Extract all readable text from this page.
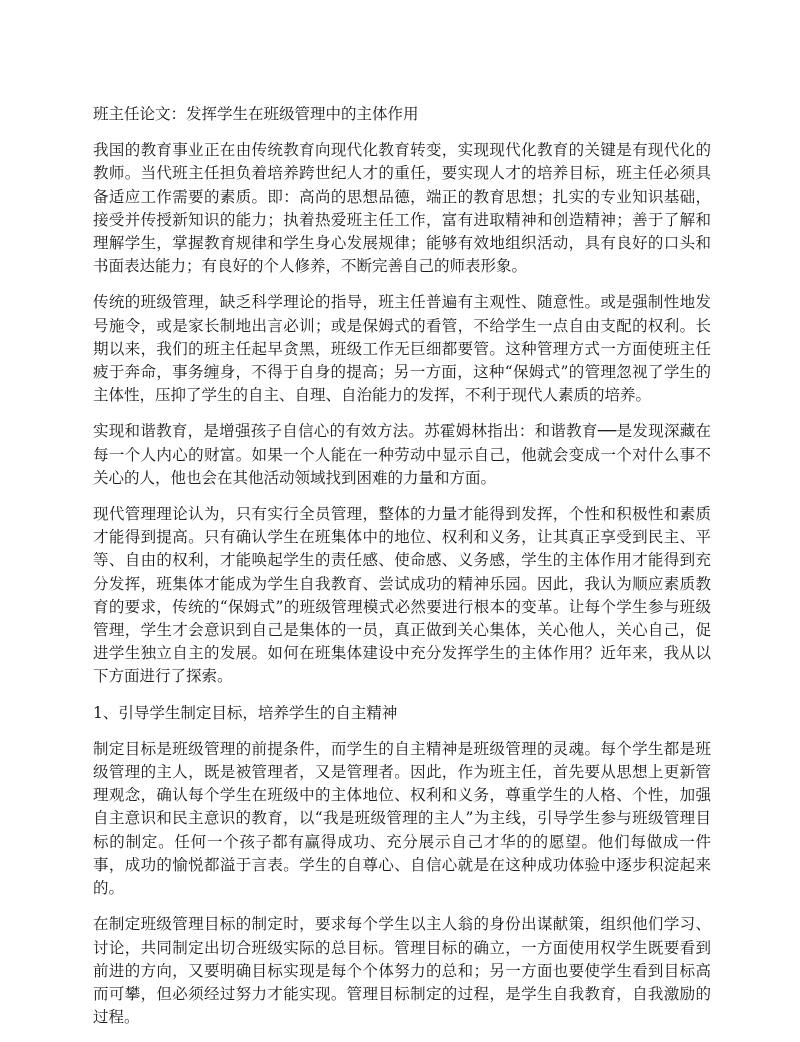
班主任论文：发挥学生在班级管理中的主体作用
我国的教育事业正在由传统教育向现代化教育转变，实现现代化教育的关键是有现代化的教师。当代班主任担负着培养跨世纪人才的重任，要实现人才的培养目标，班主任必须具备适应工作需要的素质。即：高尚的思想品德，端正的教育思想；扎实的专业知识基础，接受并传授新知识的能力；执着热爱班主任工作，富有进取精神和创造精神；善于了解和理解学生，掌握教育规律和学生身心发展规律；能够有效地组织活动，具有良好的口头和书面表达能力；有良好的个人修养，不断完善自己的师表形象。
传统的班级管理，缺乏科学理论的指导，班主任普遍有主观性、随意性。或是强制性地发号施令，或是家长制地出言必训；或是保姆式的看管，不给学生一点自由支配的权利。长期以来，我们的班主任起早贪黑，班级工作无巨细都要管。这种管理方式一方面使班主任疲于奔命，事务缠身，不得于自身的提高；另一方面，这种“保姆式”的管理忽视了学生的主体性，压抑了学生的自主、自理、自治能力的发挥，不利于现代人素质的培养。
实现和谐教育，是增强孩子自信心的有效方法。苏霍姆林指出：和谐教育──是发现深藏在每一个人内心的财富。如果一个人能在一种劳动中显示自己，他就会变成一个对什么事不关心的人，他也会在其他活动领域找到困难的力量和方面。
现代管理理论认为，只有实行全员管理，整体的力量才能得到发挥，个性和积极性和素质才能得到提高。只有确认学生在班集体中的地位、权利和义务，让其真正享受到民主、平等、自由的权利，才能唤起学生的责任感、使命感、义务感，学生的主体作用才能得到充分发挥，班集体才能成为学生自我教育、尝试成功的精神乐园。因此，我认为顺应素质教育的要求，传统的“保姆式”的班级管理模式必然要进行根本的变革。让每个学生参与班级管理，学生才会意识到自己是集体的一员，真正做到关心集体，关心他人，关心自己，促进学生独立自主的发展。如何在班集体建设中充分发挥学生的主体作用？近年来，我从以下方面进行了探索。
1、引导学生制定目标，培养学生的自主精神
制定目标是班级管理的前提条件，而学生的自主精神是班级管理的灵魂。每个学生都是班级管理的主人，既是被管理者，又是管理者。因此，作为班主任，首先要从思想上更新管理观念，确认每个学生在班级中的主体地位、权利和义务，尊重学生的人格、个性，加强自主意识和民主意识的教育，以“我是班级管理的主人”为主线，引导学生参与班级管理目标的制定。任何一个孩子都有赢得成功、充分展示自己才华的的愿望。他们每做成一件事，成功的愉悦都溢于言表。学生的自尊心、自信心就是在这种成功体验中逐步积淀起来的。
在制定班级管理目标的制定时，要求每个学生以主人翁的身份出谋献策，组织他们学习、讨论，共同制定出切合班级实际的总目标。管理目标的确立，一方面使用权学生既要看到前进的方向，又要明确目标实现是每个个体努力的总和；另一方面也要使学生看到目标高而可攀，但必须经过努力才能实现。管理目标制定的过程，是学生自我教育，自我激励的过程。
